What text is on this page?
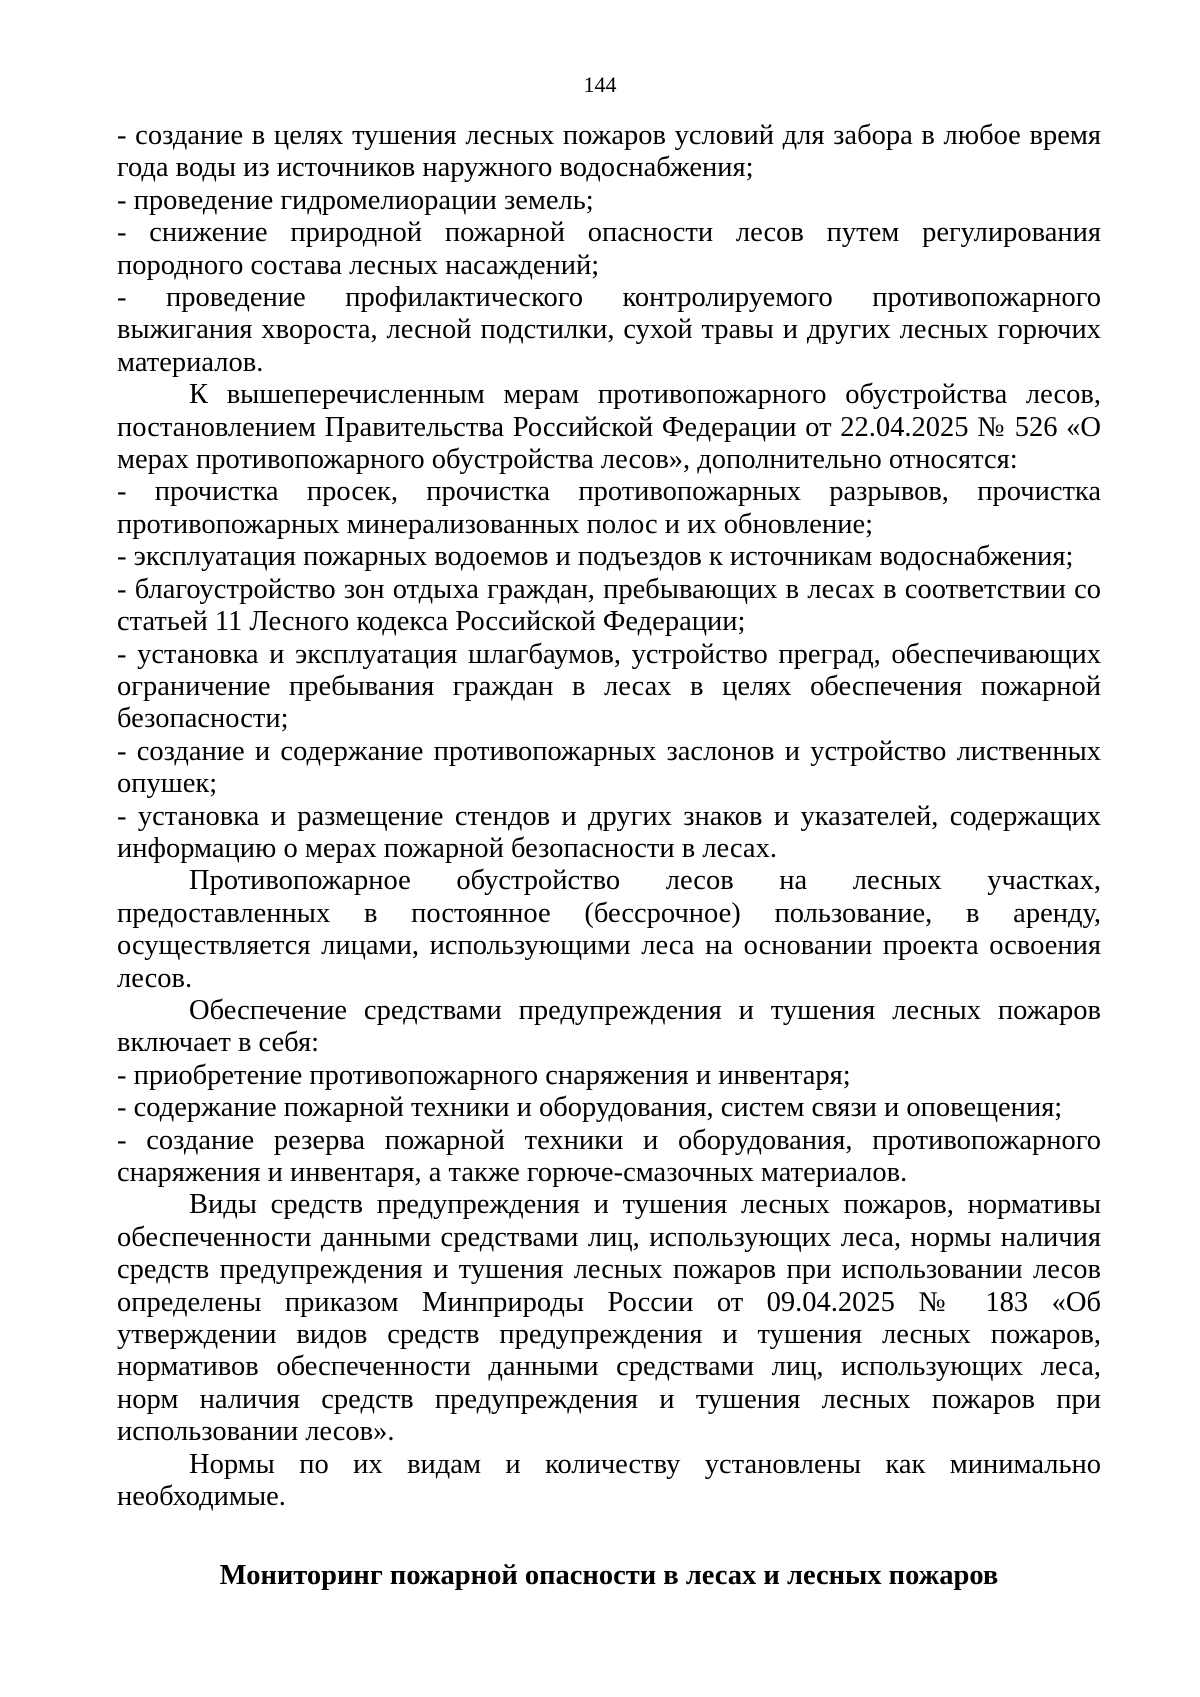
144

- создание в целях тушения лесных пожаров условий для забора в любое время года воды из источников наружного водоснабжения;

- проведение гидромелиорации земель;

- снижение природной пожарной опасности лесов путем регулирования породного состава лесных насаждений;

- проведение профилактического контролируемого противопожарного выжигания хвороста, лесной подстилки, сухой травы и других лесных горючих материалов.

К вышеперечисленным мерам противопожарного обустройства лесов, постановлением Правительства Российской Федерации от 22.04.2025 № 526 «О мерах противопожарного обустройства лесов», дополнительно относятся:

- прочистка просек, прочистка противопожарных разрывов, прочистка противопожарных минерализованных полос и их обновление;

- эксплуатация пожарных водоемов и подъездов к источникам водоснабжения;

- благоустройство зон отдыха граждан, пребывающих в лесах в соответствии со статьей 11 Лесного кодекса Российской Федерации;

- установка и эксплуатация шлагбаумов, устройство преград, обеспечивающих ограничение пребывания граждан в лесах в целях обеспечения пожарной безопасности;

- создание и содержание противопожарных заслонов и устройство лиственных опушек;

- установка и размещение стендов и других знаков и указателей, содержащих информацию о мерах пожарной безопасности в лесах.

Противопожарное обустройство лесов на лесных участках, предоставленных в постоянное (бессрочное) пользование, в аренду, осуществляется лицами, использующими леса на основании проекта освоения лесов.

Обеспечение средствами предупреждения и тушения лесных пожаров включает в себя:

- приобретение противопожарного снаряжения и инвентаря;

- содержание пожарной техники и оборудования, систем связи и оповещения;

- создание резерва пожарной техники и оборудования, противопожарного снаряжения и инвентаря, а также горюче-смазочных материалов.

Виды средств предупреждения и тушения лесных пожаров, нормативы обеспеченности данными средствами лиц, использующих леса, нормы наличия средств предупреждения и тушения лесных пожаров при использовании лесов определены приказом Минприроды России от 09.04.2025 № 183 «Об утверждении видов средств предупреждения и тушения лесных пожаров, нормативов обеспеченности данными средствами лиц, использующих леса, норм наличия средств предупреждения и тушения лесных пожаров при использовании лесов».

Нормы по их видам и количеству установлены как минимально необходимые.

Мониторинг пожарной опасности в лесах и лесных пожаров
